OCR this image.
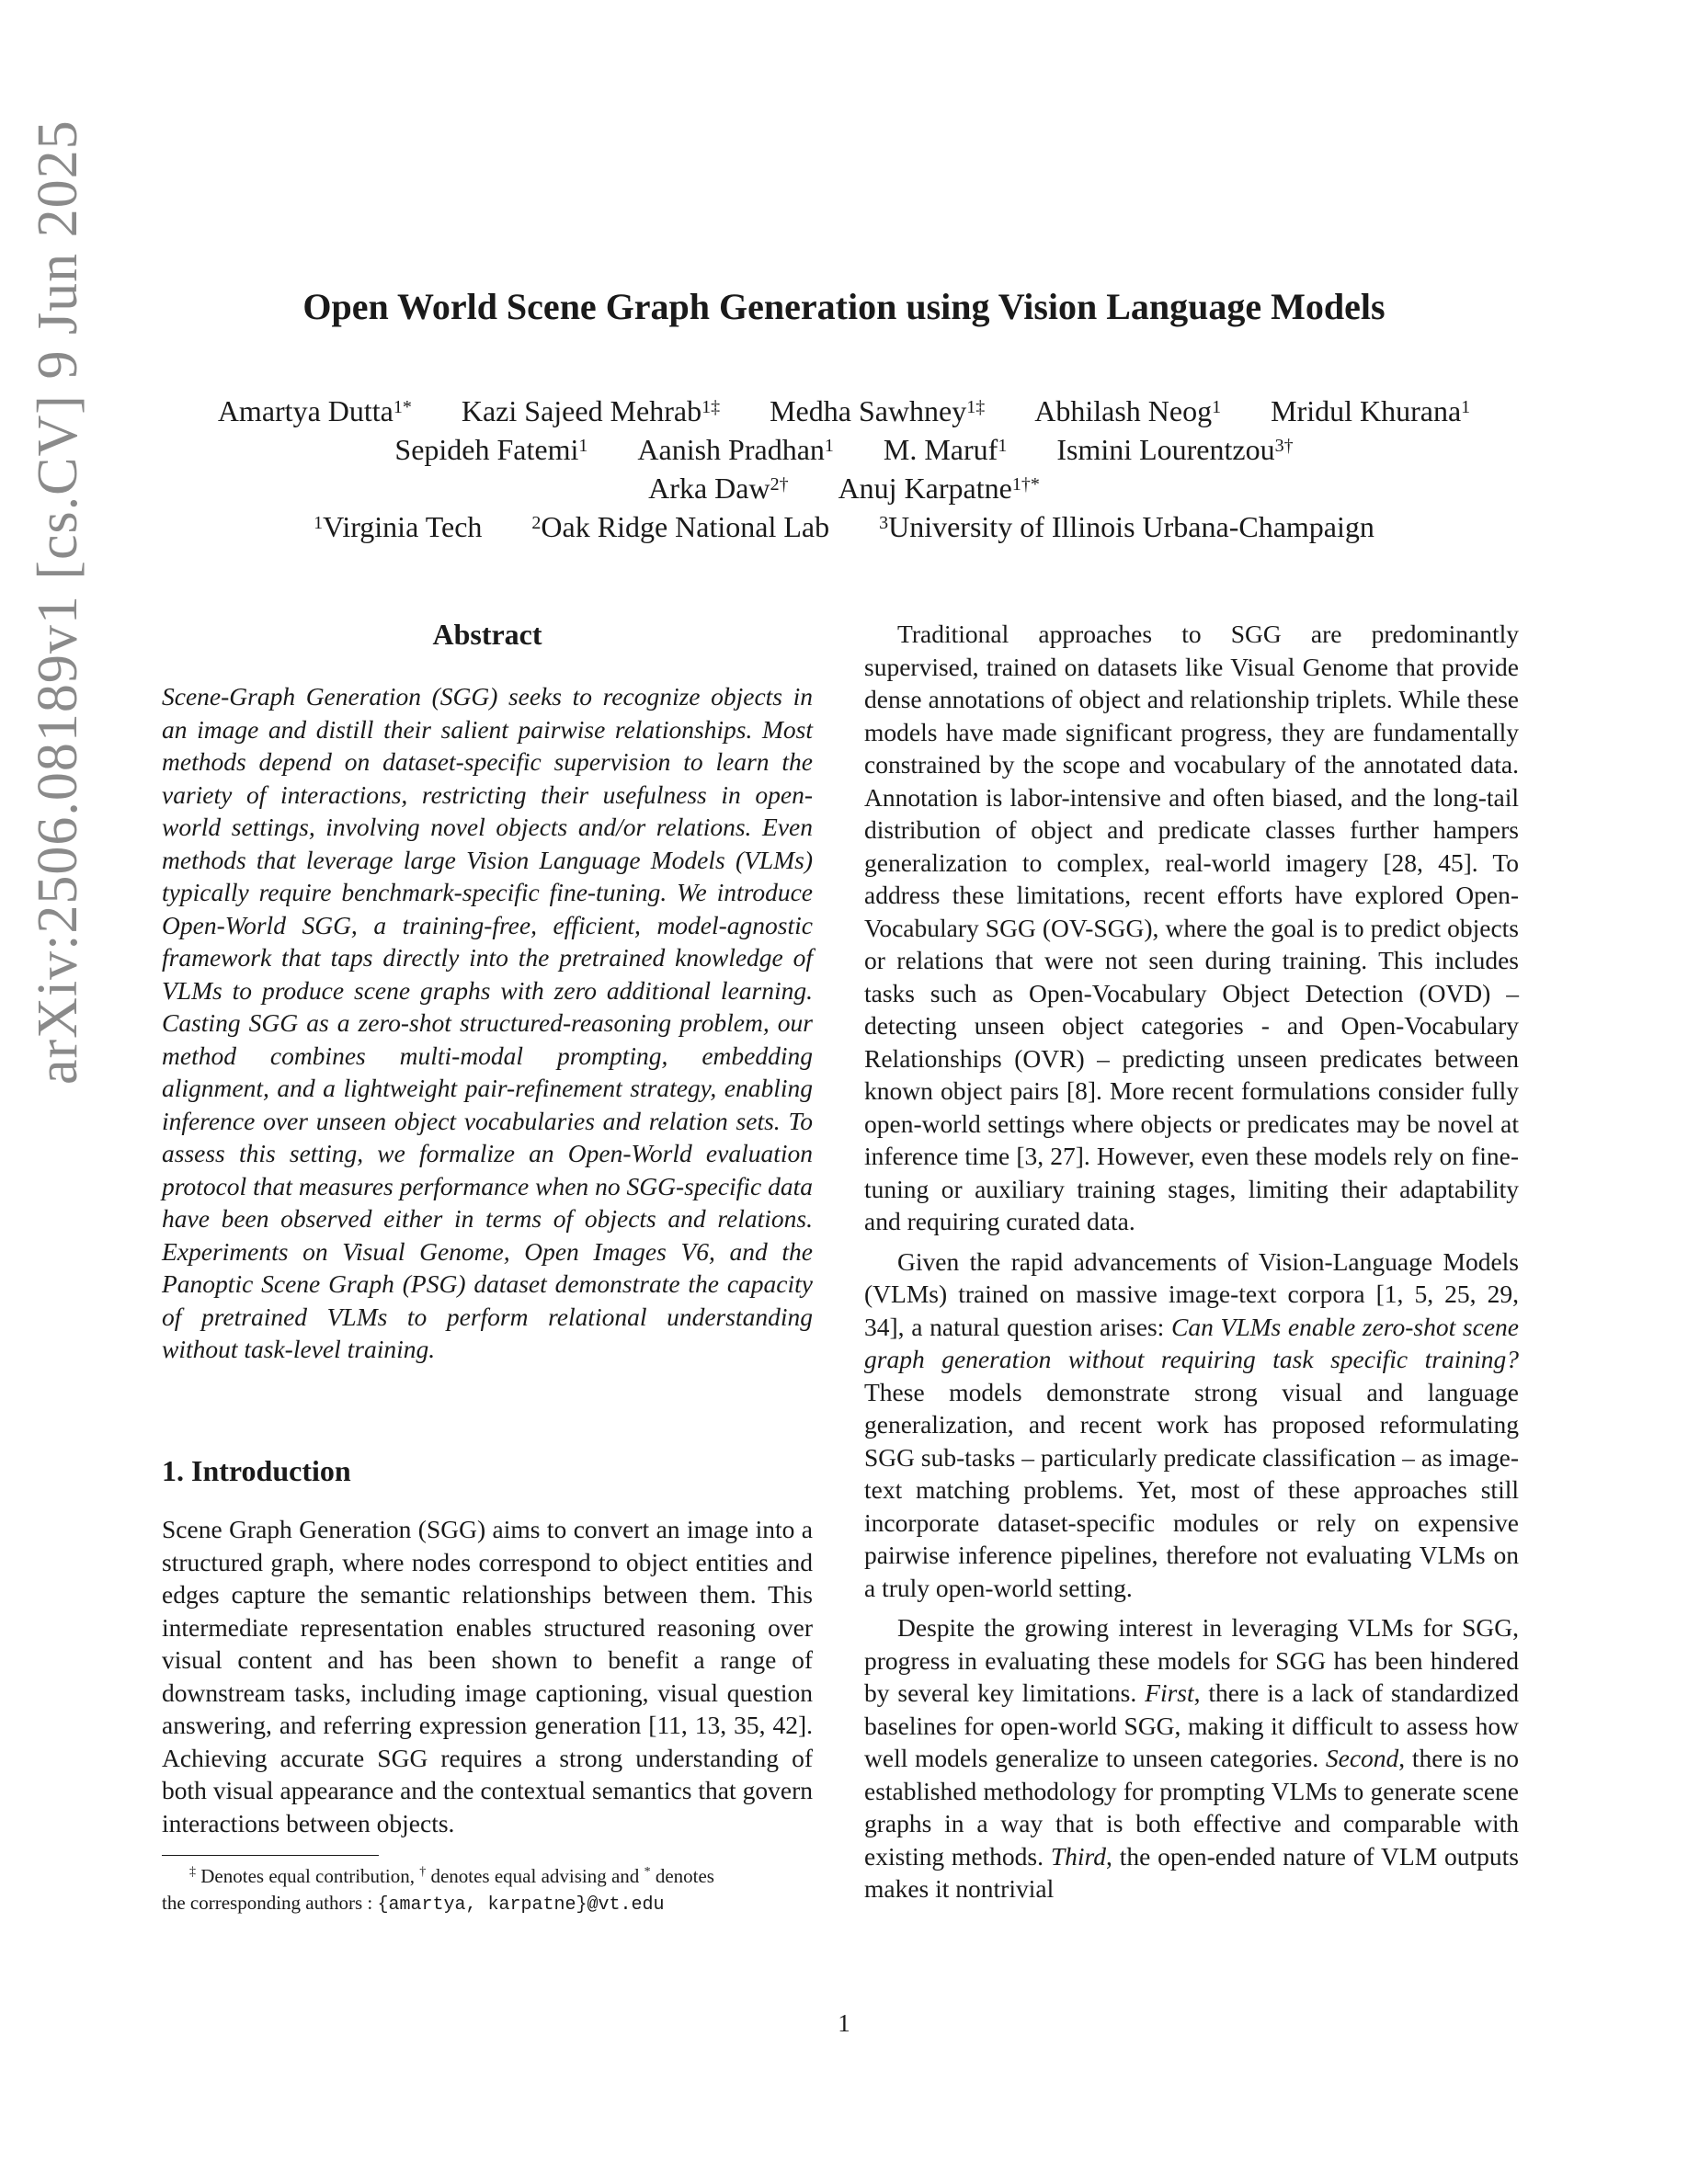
arXiv:2506.08189v1 [cs.CV] 9 Jun 2025	Open World Scene Graph Generation using Vision Language Models
Amartya Dutta$^{1*}$ Kazi Sajeed Mehrab$^{1\ddagger}$ Medha Sawhney$^{1\ddagger}$ Abhilash Neog$^1$ Mridul Khurana$^1$
Sepideh Fatemi$^1$ Aanish Pradhan$^1$ M. Maruf$^1$ Ismini Lourentzou$^{3\dagger}$
Arka Daw$^{2\dagger}$ Anuj Karpatne$^{1\dagger*}$
$^1$Virginia Tech	$^2$Oak Ridge National Lab	$^3$University of Illinois Urbana-Champaign
Abstract

Scene-Graph Generation (SGG) seeks to recognize objects in an image and distill their salient pairwise relationships. Most methods depend on dataset-specific supervision to learn the variety of interactions, restricting their usefulness in open-world settings, involving novel objects and/or relations. Even methods that leverage large Vision Language Models (VLMs) typically require benchmark-specific fine-tuning. We introduce Open-World SGG, a training-free, efficient, model-agnostic framework that taps directly into the pretrained knowledge of VLMs to produce scene graphs with zero additional learning. Casting SGG as a zero-shot structured-reasoning problem, our method combines multi-modal prompting, embedding alignment, and a lightweight pair-refinement strategy, enabling inference over unseen object vocabularies and relation sets. To assess this setting, we formalize an Open-World evaluation protocol that measures performance when no SGG-specific data have been observed either in terms of objects and relations. Experiments on Visual Genome, Open Images V6, and the Panoptic Scene Graph (PSG) dataset demonstrate the capacity of pretrained VLMs to perform relational understanding without task-level training.

1. Introduction

Scene Graph Generation (SGG) aims to convert an image into a structured graph, where nodes correspond to object entities and edges capture the semantic relationships between them. This intermediate representation enables structured reasoning over visual content and has been shown to benefit a range of downstream tasks, including image captioning, visual question answering, and referring expression generation [11, 13, 35, 42]. Achieving accurate SGG requires a strong understanding of both visual appearance and the contextual semantics that govern interactions between objects.

Traditional approaches to SGG are predominantly supervised, trained on datasets like Visual Genome that provide dense annotations of object and relationship triplets. While these models have made significant progress, they are fundamentally constrained by the scope and vocabulary of the annotated data. Annotation is labor-intensive and often biased, and the long-tail distribution of object and predicate classes further hampers generalization to complex, real-world imagery [28, 45]. To address these limitations, recent efforts have explored Open-Vocabulary SGG (OV-SGG), where the goal is to predict objects or relations that were not seen during training. This includes tasks such as Open-Vocabulary Object Detection (OVD) – detecting unseen object categories - and Open-Vocabulary Relationships (OVR) – predicting unseen predicates between known object pairs [8]. More recent formulations consider fully open-world settings where objects or predicates may be novel at inference time [3, 27]. However, even these models rely on fine-tuning or auxiliary training stages, limiting their adaptability and requiring curated data.

Given the rapid advancements of Vision-Language Models (VLMs) trained on massive image-text corpora [1, 5, 25, 29, 34], a natural question arises: Can VLMs enable zero-shot scene graph generation without requiring task specific training? These models demonstrate strong visual and language generalization, and recent work has proposed reformulating SGG sub-tasks – particularly predicate classification – as image-text matching problems. Yet, most of these approaches still incorporate dataset-specific modules or rely on expensive pairwise inference pipelines, therefore not evaluating VLMs on a truly open-world setting.

Despite the growing interest in leveraging VLMs for SGG, progress in evaluating these models for SGG has been hindered by several key limitations. First, there is a lack of standardized baselines for open-world SGG, making it difficult to assess how well models generalize to unseen categories. Second, there is no established methodology for prompting VLMs to generate scene graphs in a way that is both effective and comparable with existing methods. Third, the open-ended nature of VLM outputs makes it nontrivial

‡ Denotes equal contribution, † denotes equal advising and * denotes
the corresponding authors : {amartya, karpatne}@vt.edu
1
